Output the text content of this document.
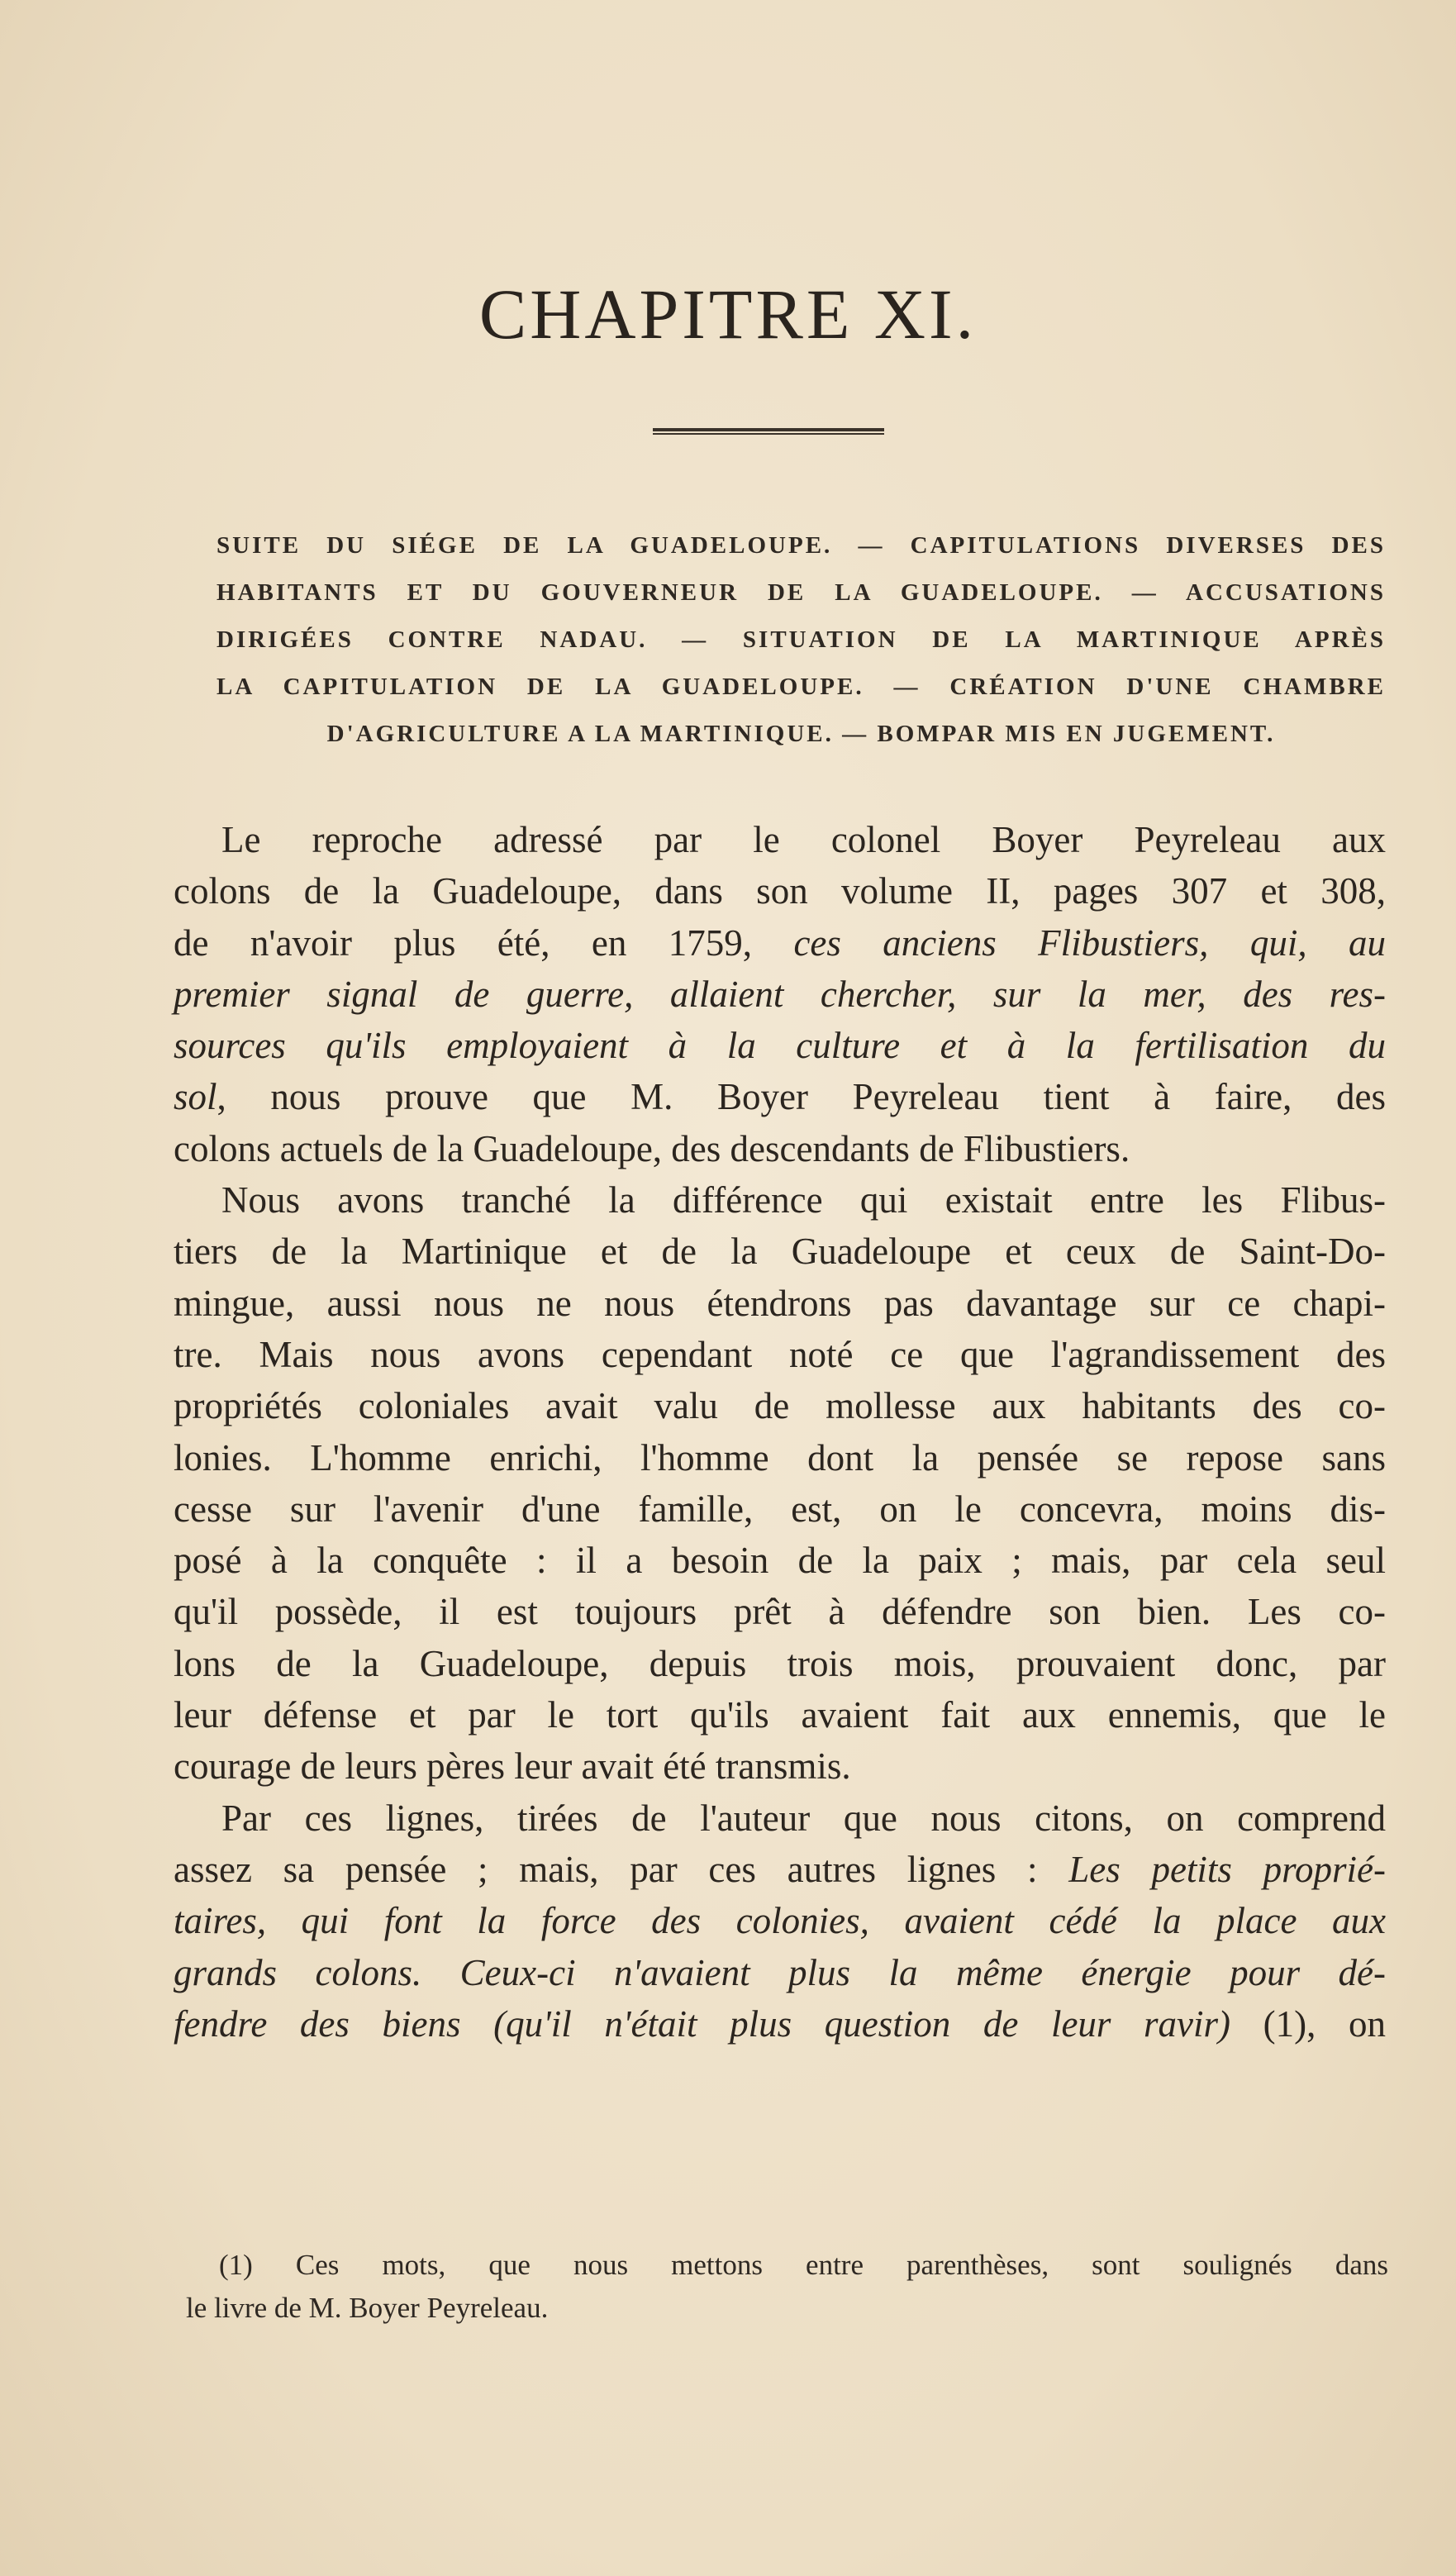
CHAPITRE XI.
SUITE DU SIÉGE DE LA GUADELOUPE. — CAPITULATIONS DIVERSES DES
HABITANTS ET DU GOUVERNEUR DE LA GUADELOUPE. — ACCUSATIONS
DIRIGÉES CONTRE NADAU. — SITUATION DE LA MARTINIQUE APRÈS
LA CAPITULATION DE LA GUADELOUPE. — CRÉATION D'UNE CHAMBRE
D'AGRICULTURE A LA MARTINIQUE. — BOMPAR MIS EN JUGEMENT.
Le reproche adressé par le colonel Boyer Peyreleau aux
colons de la Guadeloupe, dans son volume II, pages 307 et 308,
de n'avoir plus été, en 1759, ces anciens Flibustiers, qui, au
premier signal de guerre, allaient chercher, sur la mer, des res-
sources qu'ils employaient à la culture et à la fertilisation du
sol, nous prouve que M. Boyer Peyreleau tient à faire, des
colons actuels de la Guadeloupe, des descendants de Flibustiers.
Nous avons tranché la différence qui existait entre les Flibus-
tiers de la Martinique et de la Guadeloupe et ceux de Saint-Do-
mingue, aussi nous ne nous étendrons pas davantage sur ce chapi-
tre. Mais nous avons cependant noté ce que l'agrandissement des
propriétés coloniales avait valu de mollesse aux habitants des co-
lonies. L'homme enrichi, l'homme dont la pensée se repose sans
cesse sur l'avenir d'une famille, est, on le concevra, moins dis-
posé à la conquête : il a besoin de la paix ; mais, par cela seul
qu'il possède, il est toujours prêt à défendre son bien. Les co-
lons de la Guadeloupe, depuis trois mois, prouvaient donc, par
leur défense et par le tort qu'ils avaient fait aux ennemis, que le
courage de leurs pères leur avait été transmis.
Par ces lignes, tirées de l'auteur que nous citons, on comprend
assez sa pensée ; mais, par ces autres lignes : Les petits proprié-
taires, qui font la force des colonies, avaient cédé la place aux
grands colons. Ceux-ci n'avaient plus la même énergie pour dé-
fendre des biens (qu'il n'était plus question de leur ravir) (1), on
(1) Ces mots, que nous mettons entre parenthèses, sont soulignés dans
le livre de M. Boyer Peyreleau.
